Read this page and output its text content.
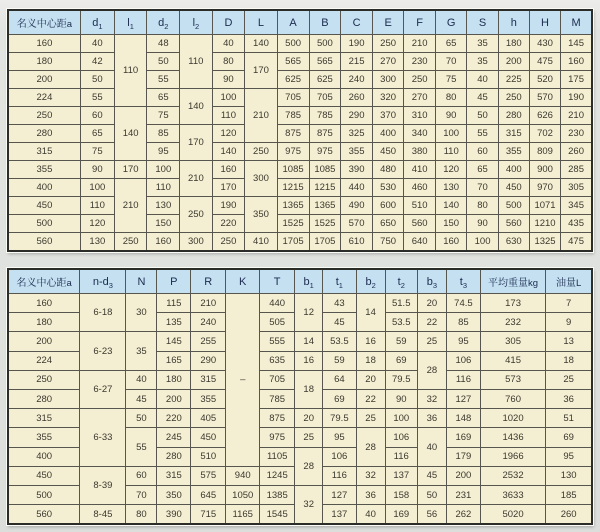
名义中心距a	$d_1$	$l_1$	$d_2$	$l_2$	D	L	A	B	C	E	F	G	S	h	H	M
160	40	110	48	110	40	140	500	500	190	250	210	65	35	180	430	145
180	42		50		80	170	565	565	215	270	230	70	35	200	475	160
200	50		55		90		625	625	240	300	250	75	40	225	520	175
224	55		65	140	100	210	705	705	260	320	270	80	45	250	570	190
250	60	140	75		110		785	785	290	370	310	90	50	280	626	210
280	65		85	170	120		875	875	325	400	340	100	55	315	702	230
315	75		95		140	250	975	975	355	450	380	110	60	355	809	260
355	90	170	100	210	160	300	1085	1085	390	480	410	120	65	400	900	285
400	100	210	110		170		1215	1215	440	530	460	130	70	450	970	305
450	110		130	250	190	350	1365	1365	490	600	510	140	80	500	1071	345
500	120		150		220		1525	1525	570	650	560	150	90	560	1210	435
560	130	250	160	300	250	410	1705	1705	610	750	640	160	100	630	1325	475
名义中心距a	$n-d_3$	N	P	R	K	T	$b_1$	$t_1$	$b_2$	$t_2$	$b_3$	$t_3$	平均重量kg	油量L
160	6-18	30	115	210	–	440	12	43	14	51.5	20	74.5	173	7
180			135	240		505		45		53.5	22	85	232	9
200	6-23	35	145	255		555	14	53.5	16	59	25	95	305	13
224			165	290		635	16	59	18	69	28	106	415	18
250	6-27	40	180	315		705	18	64	20	79.5		116	573	25
280		45	200	355		785		69	22	90	32	127	760	36
315	6-33	50	220	405		875	20	79.5	25	100	36	148	1020	51
355		55	245	450		975	25	95	28	106	40	169	1436	69
400			280	510		1105	28	106		116		179	1966	95
450	8-39	60	315	575	940	1245		116	32	137	45	200	2532	130
500		70	350	645	1050	1385	32	127	36	158	50	231	3633	185
560	8-45	80	390	715	1165	1545		137	40	169	56	262	5020	260
